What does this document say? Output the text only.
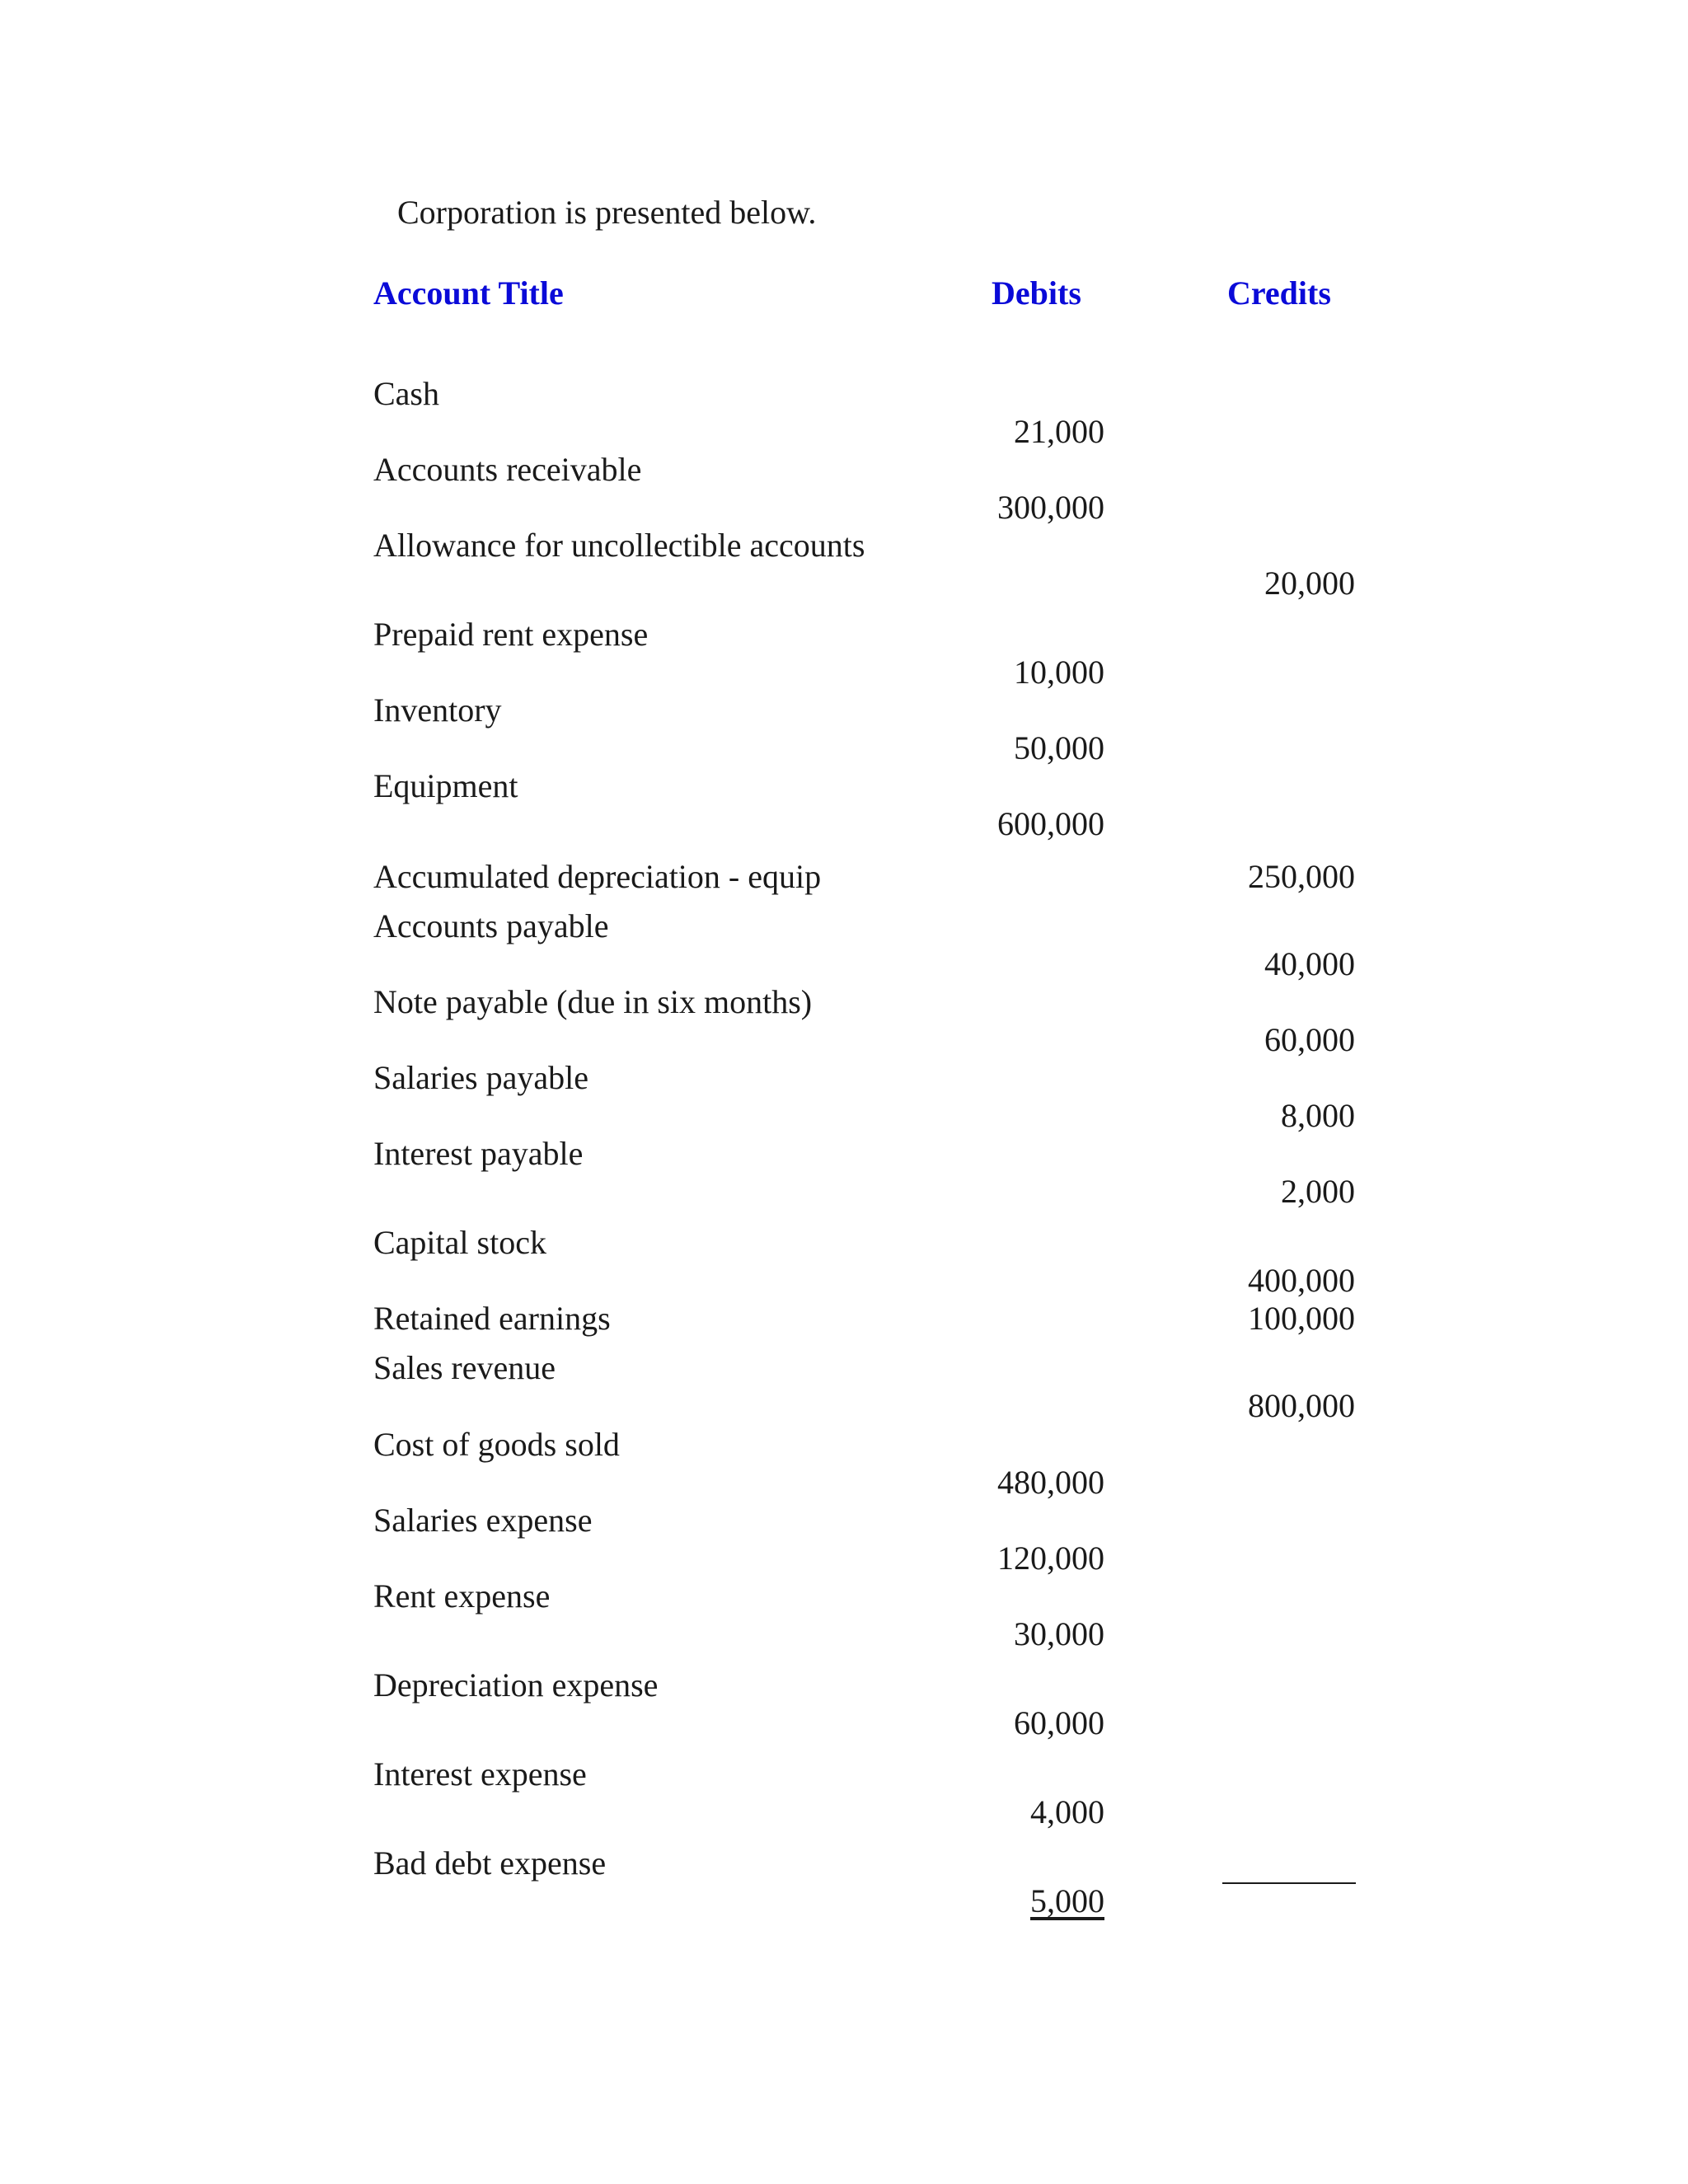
Corporation is presented below.
Account Title	Debits	Credits
Cash
Accounts receivable
Allowance for uncollectible accounts
Prepaid rent expense
Inventory
Equipment
Accumulated depreciation - equip
Accounts payable
Note payable (due in six months)
Salaries payable
Interest payable
Capital stock
Retained earnings
Sales revenue
Cost of goods sold
Salaries expense
Rent expense
Depreciation expense
Interest expense
Bad debt expense
21,000
300,000
10,000
50,000
600,000
480,000
120,000
30,000
60,000
4,000
5,000
20,000
250,000
40,000
60,000
8,000
2,000
400,000
100,000
800,000
